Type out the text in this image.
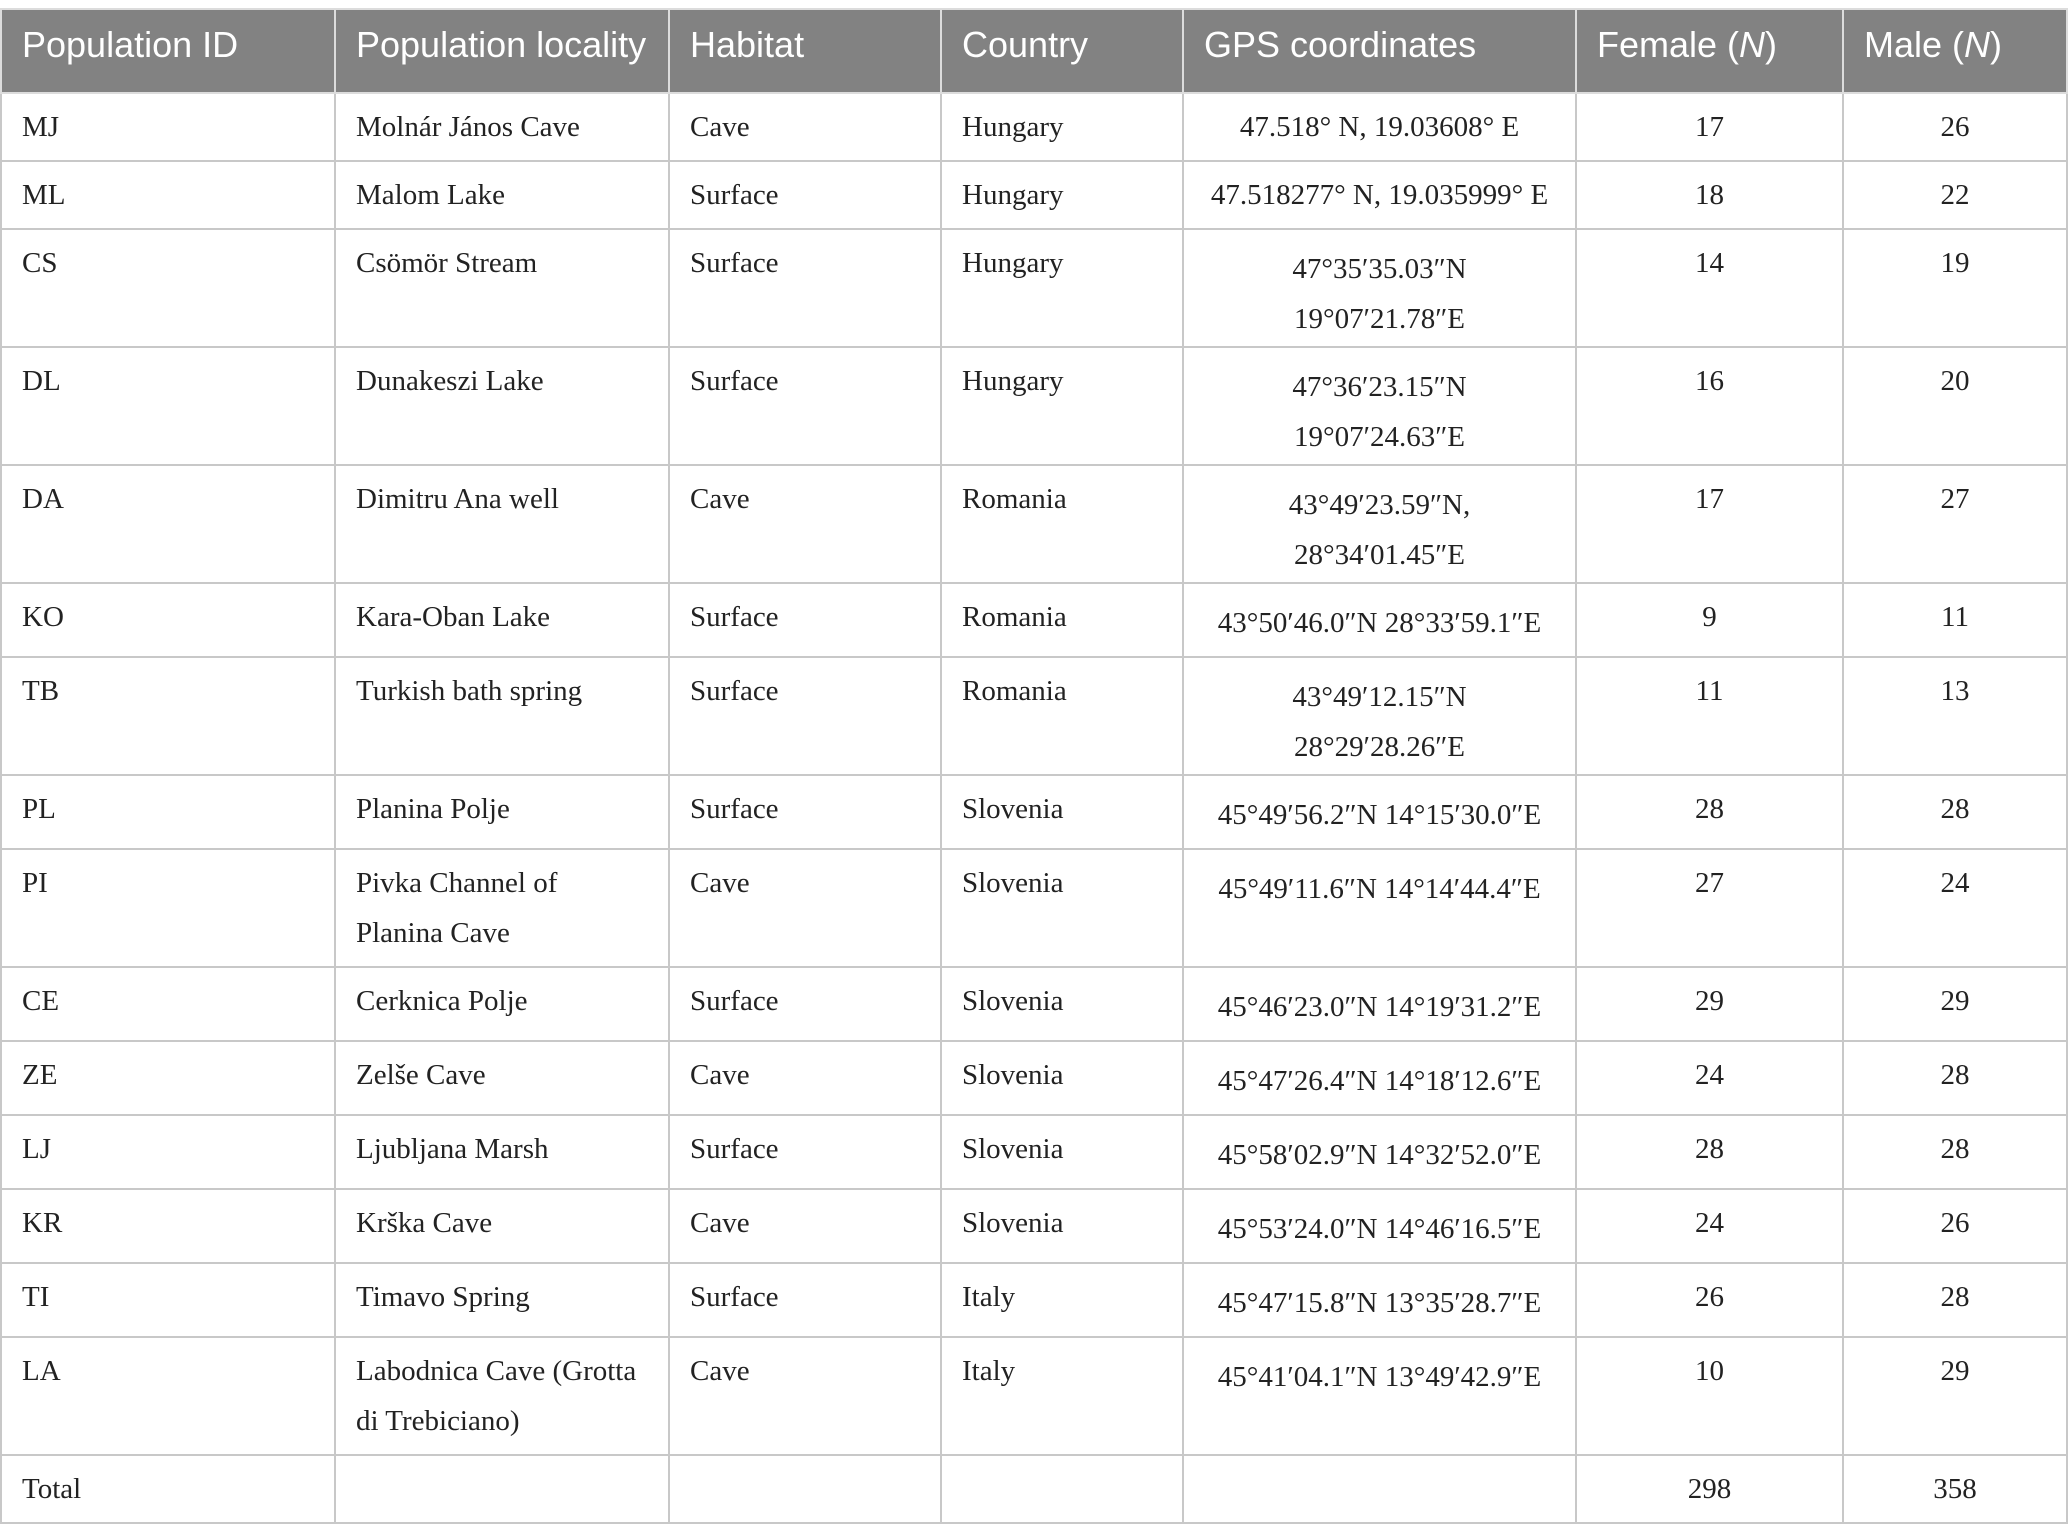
Population ID	Population locality	Habitat	Country	GPS coordinates	Female (N)	Male (N)
MJ	Molnár János Cave	Cave	Hungary	47.518° N, 19.03608° E	17	26
ML	Malom Lake	Surface	Hungary	47.518277° N, 19.035999° E	18	22
CS	Csömör Stream	Surface	Hungary	47°35′35.03″N 19°07′21.78″E	14	19
DL	Dunakeszi Lake	Surface	Hungary	47°36′23.15″N 19°07′24.63″E	16	20
DA	Dimitru Ana well	Cave	Romania	43°49′23.59″N, 28°34′01.45″E	17	27
KO	Kara-Oban Lake	Surface	Romania	43°50′46.0″N 28°33′59.1″E	9	11
TB	Turkish bath spring	Surface	Romania	43°49′12.15″N 28°29′28.26″E	11	13
PL	Planina Polje	Surface	Slovenia	45°49′56.2″N 14°15′30.0″E	28	28
PI	Pivka Channel of Planina Cave	Cave	Slovenia	45°49′11.6″N 14°14′44.4″E	27	24
CE	Cerknica Polje	Surface	Slovenia	45°46′23.0″N 14°19′31.2″E	29	29
ZE	Zelše Cave	Cave	Slovenia	45°47′26.4″N 14°18′12.6″E	24	28
LJ	Ljubljana Marsh	Surface	Slovenia	45°58′02.9″N 14°32′52.0″E	28	28
KR	Krška Cave	Cave	Slovenia	45°53′24.0″N 14°46′16.5″E	24	26
TI	Timavo Spring	Surface	Italy	45°47′15.8″N 13°35′28.7″E	26	28
LA	Labodnica Cave (Grotta di Trebiciano)	Cave	Italy	45°41′04.1″N 13°49′42.9″E	10	29
Total					298	358
